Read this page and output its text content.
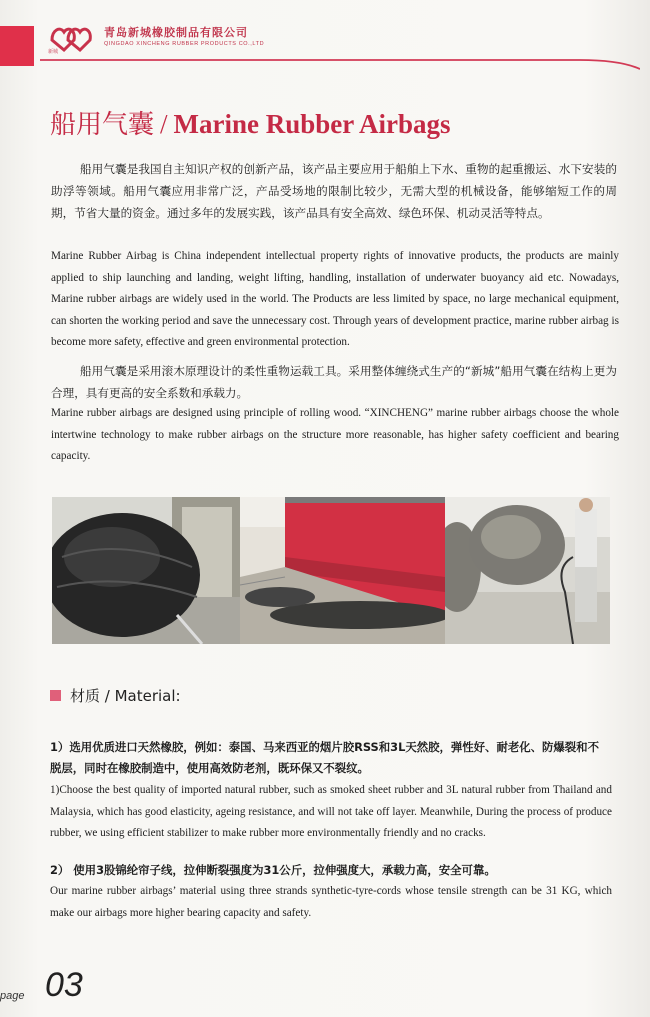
新城
青岛新城橡胶制品有限公司
QINGDAO XINCHENG RUBBER PRODUCTS CO.,LTD
船用气囊 / Marine Rubber Airbags
船用气囊是我国自主知识产权的创新产品，该产品主要应用于船舶上下水、重物的起重搬运、水下安装的助浮等领域。船用气囊应用非常广泛，产品受场地的限制比较少，无需大型的机械设备，能够缩短工作的周期，节省大量的资金。通过多年的发展实践，该产品具有安全高效、绿色环保、机动灵活等特点。
Marine Rubber Airbag is China independent intellectual property rights of innovative products, the products are mainly applied to ship launching and landing, weight lifting, handling, installation of underwater buoyancy aid etc. Nowadays, Marine rubber airbags are widely used in the world. The Products are less limited by space, no large mechanical equipment, can shorten the working period and save the unnecessary cost. Through years of development practice, marine rubber airbag is become more safety, effective and green environmental protection.
船用气囊是采用滚木原理设计的柔性重物运载工具。采用整体缠绕式生产的“新城”船用气囊在结构上更为合理，具有更高的安全系数和承载力。
Marine rubber airbags are designed using principle of rolling wood. “XINCHENG” marine rubber airbags choose the whole intertwine technology to make rubber airbags on the structure more reasonable, has higher safety coefficient and bearing capacity.
材质 / Material:
1）选用优质进口天然橡胶，例如：泰国、马来西亚的烟片胶RSS和3L天然胶，弹性好、耐老化、防爆裂和不脱层，同时在橡胶制造中，使用高效防老剂，既环保又不裂纹。
1)Choose the best quality of imported natural rubber, such as smoked sheet rubber and 3L natural rubber from Thailand and Malaysia, which has good elasticity, ageing resistance, and will not take off layer. Meanwhile, During the process of produce rubber, we using efficient stabilizer to make rubber more environmentally friendly and no cracks.
2） 使用3股锦纶帘子线，拉伸断裂强度为31公斤，拉伸强度大，承载力高，安全可靠。
Our marine rubber airbags’ material using three strands synthetic-tyre-cords whose tensile strength can be 31 KG, which make our airbags more higher bearing capacity and safety.
page 03
